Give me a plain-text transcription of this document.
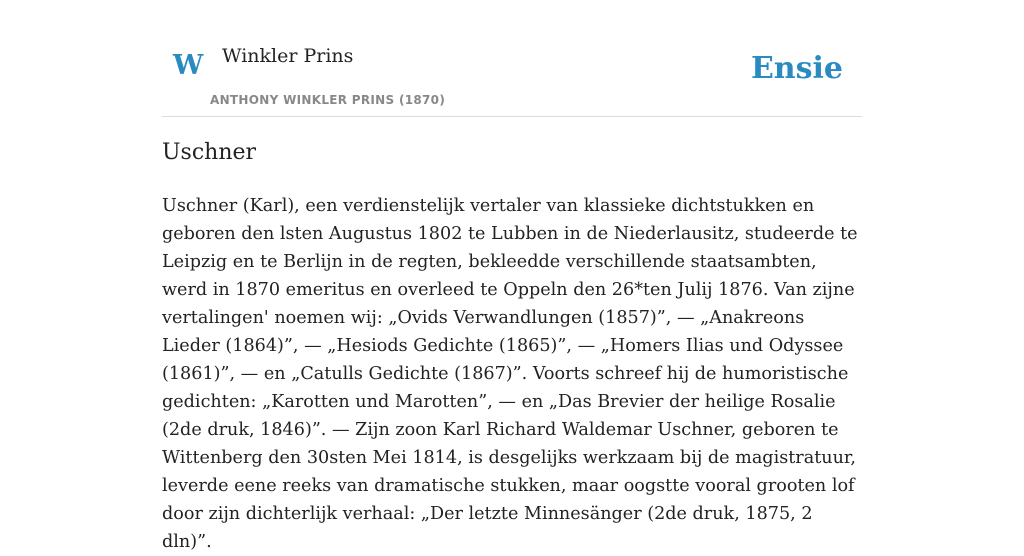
W Winkler Prins
ANTHONY WINKLER PRINS (1870)
Ensie
Uschner

Uschner (Karl), een verdienstelijk vertaler van klassieke dichtstukken en geboren den lsten Augustus 1802 te Lubben in de Niederlausitz, studeerde te Leipzig en te Berlijn in de regten, bekleedde verschillende staatsambten, werd in 1870 emeritus en overleed te Oppeln den 26*ten Julij 1876. Van zijne vertalingen' noemen wij: „Ovids Verwandlungen (1857)”, — „Anakreons Lieder (1864)”, — „Hesiods Gedichte (1865)”, — „Homers Ilias und Odyssee (1861)”, — en „Catulls Gedichte (1867)”. Voorts schreef hij de humoristische gedichten: „Karotten und Marotten”, — en „Das Brevier der heilige Rosalie (2de druk, 1846)”. — Zijn zoon Karl Richard Waldemar Uschner, geboren te Wittenberg den 30sten Mei 1814, is desgelijks werkzaam bij de magistratuur, leverde eene reeks van dramatische stukken, maar oogstte vooral grooten lof door zijn dichterlijk verhaal: „Der letzte Minnesänger (2de druk, 1875, 2 dln)”.
